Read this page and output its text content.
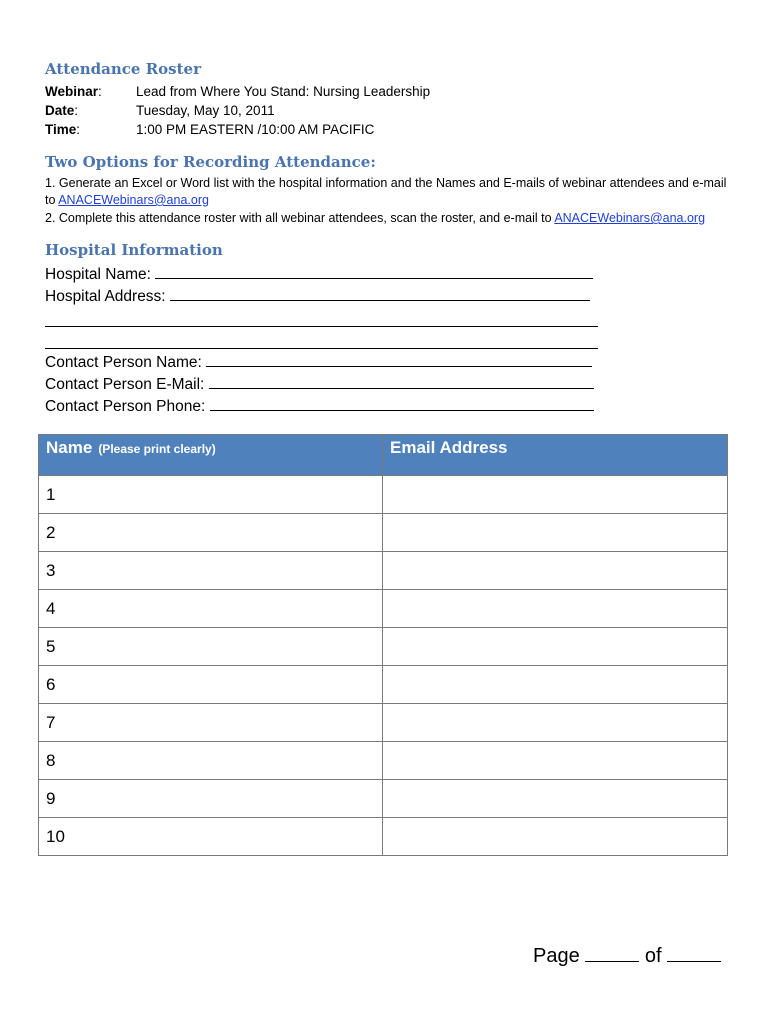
Attendance Roster
Webinar:	Lead from Where You Stand: Nursing Leadership
Date:	Tuesday, May 10, 2011
Time:	1:00 PM EASTERN /10:00 AM PACIFIC
Two Options for Recording Attendance:
1. Generate an Excel or Word list with the hospital information and the Names and E-mails of webinar attendees and e-mail to ANACEWebinars@ana.org
2. Complete this attendance roster with all webinar attendees, scan the roster, and e-mail to ANACEWebinars@ana.org
Hospital Information
Hospital Name:
Hospital Address:
Contact Person Name:
Contact Person E-Mail:
Contact Person Phone:
Name (Please print clearly)	Email Address
1	
2	
3	
4	
5	
6	
7	
8	
9	
10	
Page	of
